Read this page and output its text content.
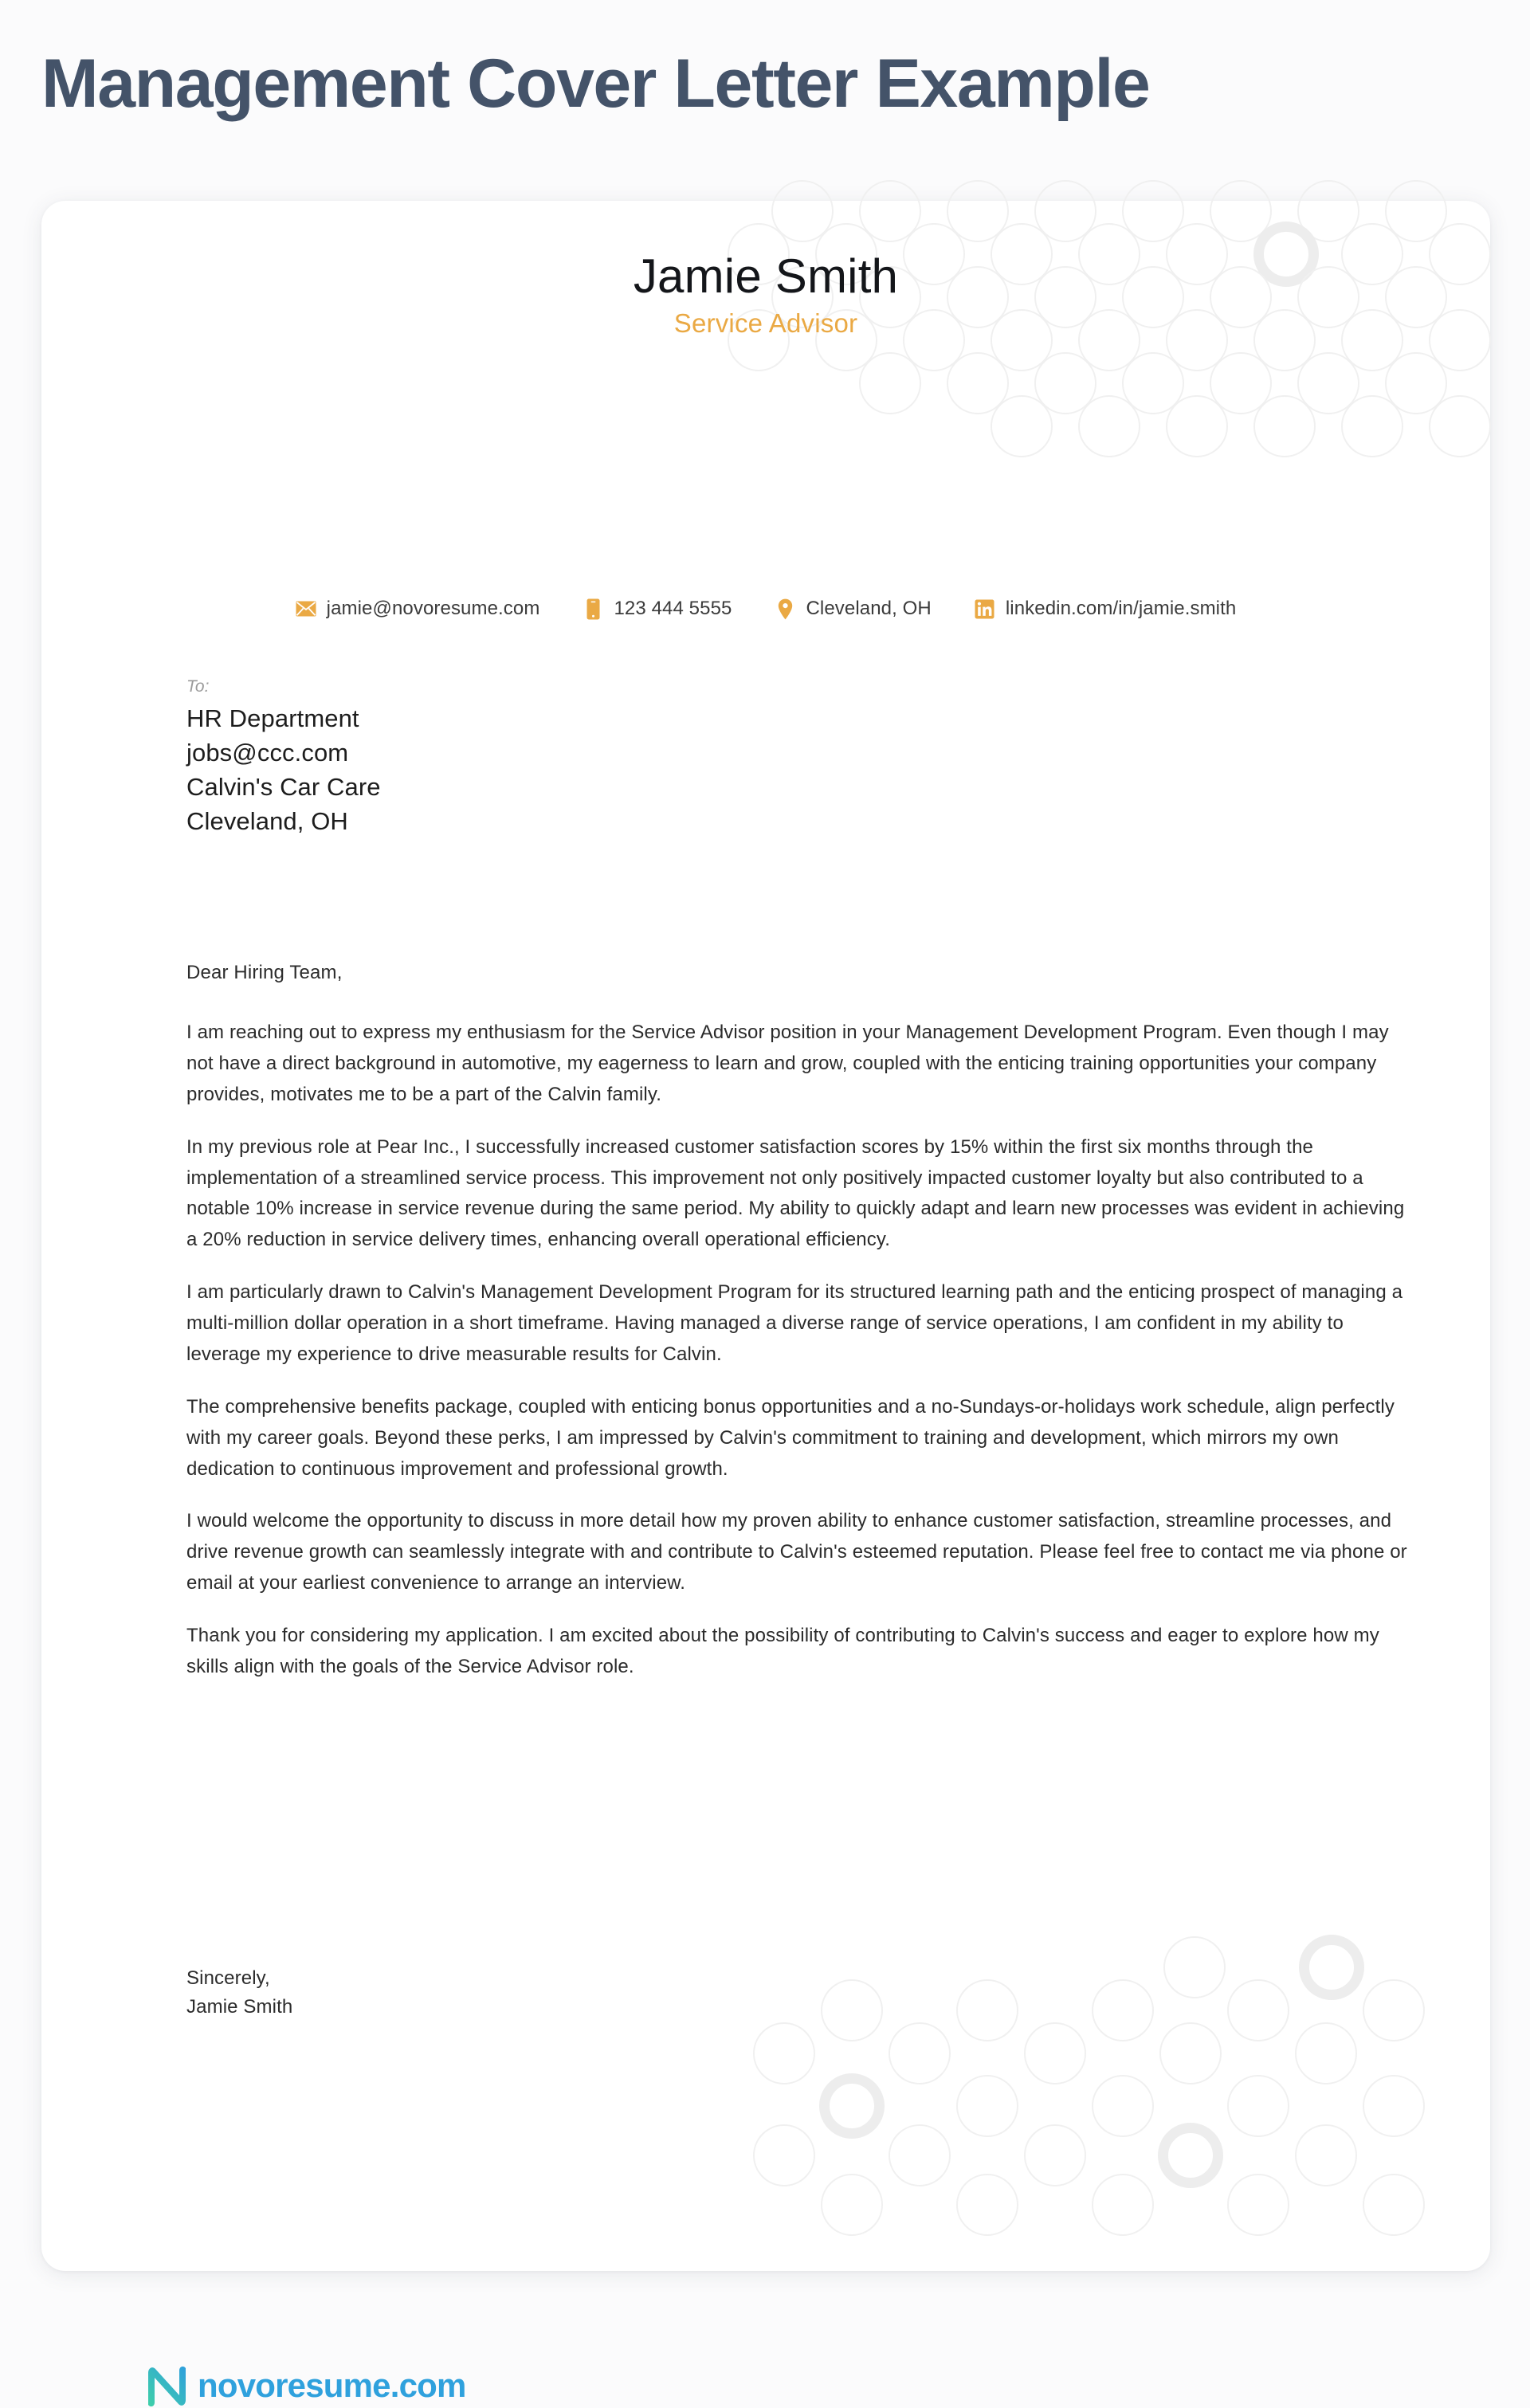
Management Cover Letter Example
Jamie Smith
Service Advisor
jamie@novoresume.com	123 444 5555	Cleveland, OH	linkedin.com/in/jamie.smith
To:
HR Department
jobs@ccc.com
Calvin's Car Care
Cleveland, OH
Dear Hiring Team,

I am reaching out to express my enthusiasm for the Service Advisor position in your Management Development Program. Even though I may not have a direct background in automotive, my eagerness to learn and grow, coupled with the enticing training opportunities your company provides, motivates me to be a part of the Calvin family.

In my previous role at Pear Inc., I successfully increased customer satisfaction scores by 15% within the first six months through the implementation of a streamlined service process. This improvement not only positively impacted customer loyalty but also contributed to a notable 10% increase in service revenue during the same period. My ability to quickly adapt and learn new processes was evident in achieving a 20% reduction in service delivery times, enhancing overall operational efficiency.

I am particularly drawn to Calvin's Management Development Program for its structured learning path and the enticing prospect of managing a multi-million dollar operation in a short timeframe. Having managed a diverse range of service operations, I am confident in my ability to leverage my experience to drive measurable results for Calvin.

The comprehensive benefits package, coupled with enticing bonus opportunities and a no-Sundays-or-holidays work schedule, align perfectly with my career goals. Beyond these perks, I am impressed by Calvin's commitment to training and development, which mirrors my own dedication to continuous improvement and professional growth.

I would welcome the opportunity to discuss in more detail how my proven ability to enhance customer satisfaction, streamline processes, and drive revenue growth can seamlessly integrate with and contribute to Calvin's esteemed reputation. Please feel free to contact me via phone or email at your earliest convenience to arrange an interview.

Thank you for considering my application. I am excited about the possibility of contributing to Calvin's success and eager to explore how my skills align with the goals of the Service Advisor role.

Sincerely,
Jamie Smith
novoresume.com
